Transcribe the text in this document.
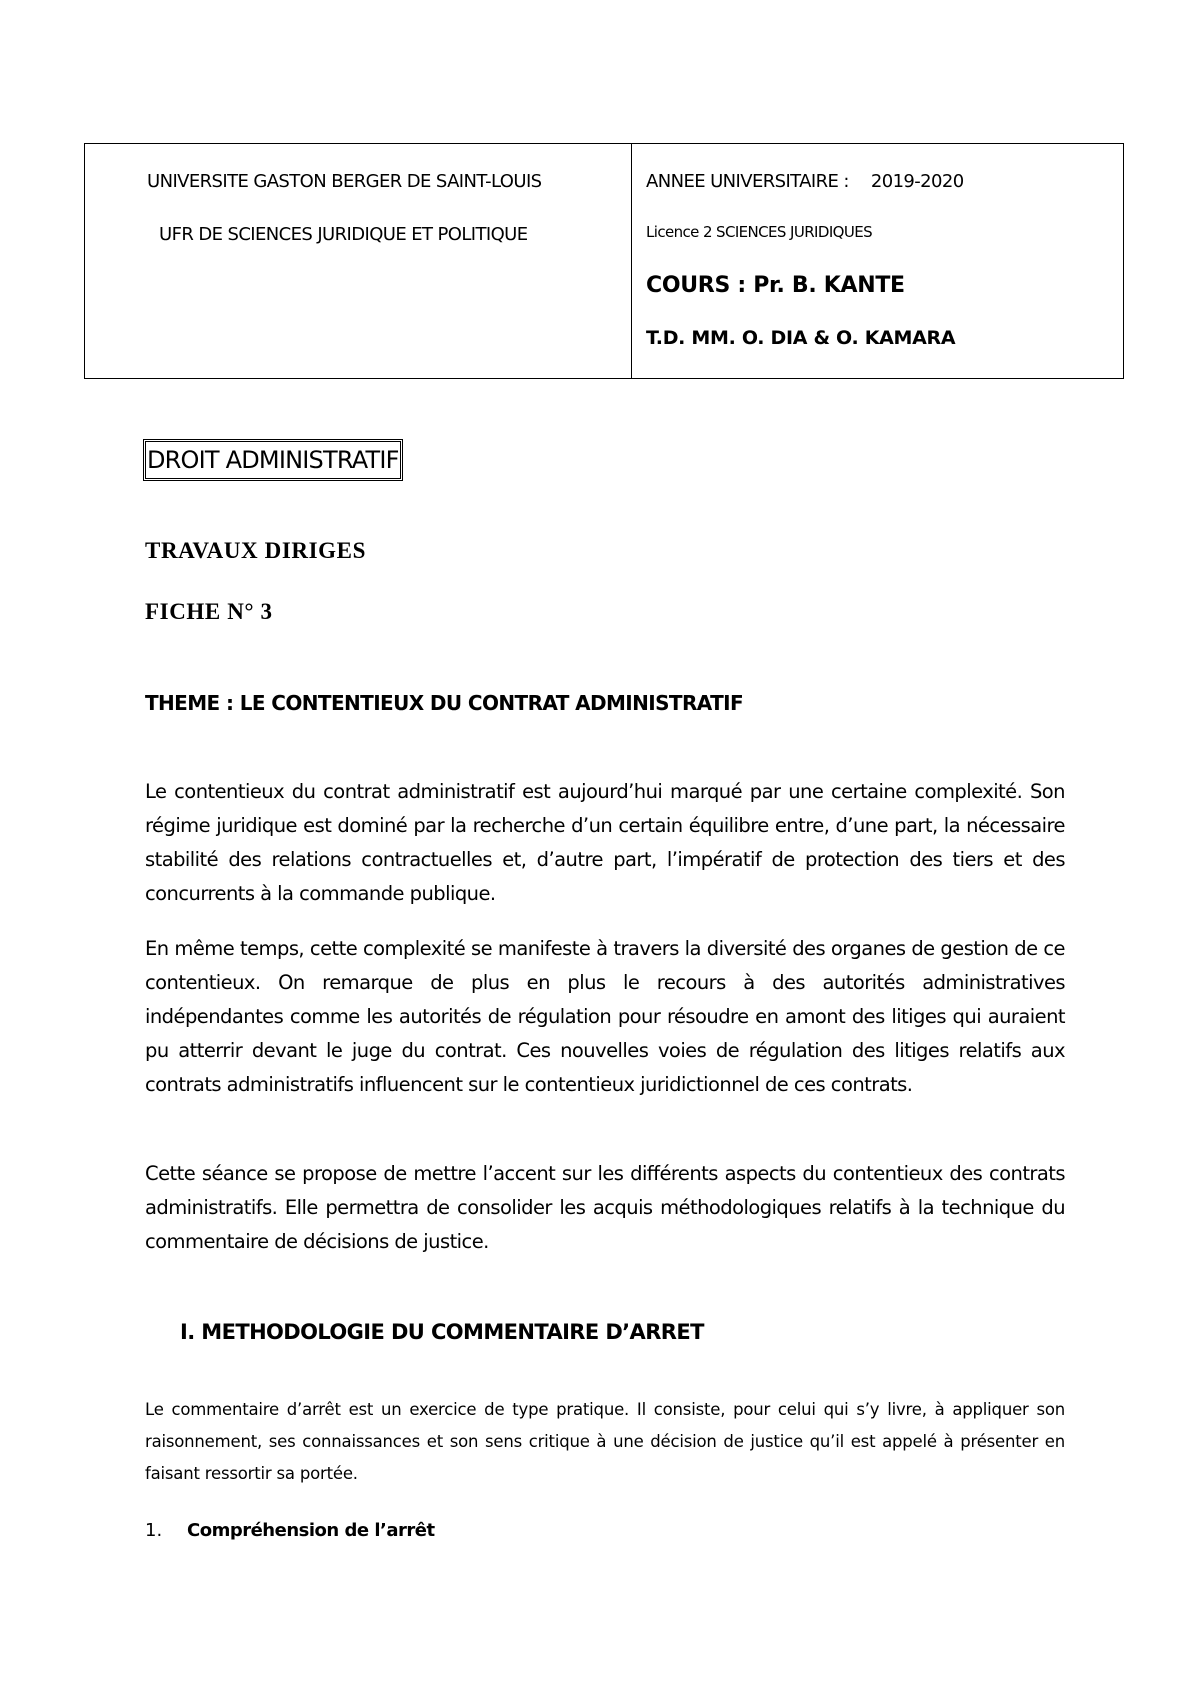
UNIVERSITE GASTON BERGER DE SAINT-LOUIS
UFR DE SCIENCES JURIDIQUE ET POLITIQUE
ANNEE UNIVERSITAIRE : 2019-2020
Licence 2 SCIENCES JURIDIQUES
COURS : Pr. B. KANTE
T.D. MM. O. DIA & O. KAMARA
DROIT ADMINISTRATIF
TRAVAUX DIRIGES
FICHE N° 3
THEME : LE CONTENTIEUX DU CONTRAT ADMINISTRATIF
Le contentieux du contrat administratif est aujourd’hui marqué par une certaine complexité. Son régime juridique est dominé par la recherche d’un certain équilibre entre, d’une part, la nécessaire stabilité des relations contractuelles et, d’autre part, l’impératif de protection des tiers et des concurrents à la commande publique.
En même temps, cette complexité se manifeste à travers la diversité des organes de gestion de ce contentieux. On remarque de plus en plus le recours à des autorités administratives indépendantes comme les autorités de régulation pour résoudre en amont des litiges qui auraient pu atterrir devant le juge du contrat. Ces nouvelles voies de régulation des litiges relatifs aux contrats administratifs influencent sur le contentieux juridictionnel de ces contrats.
Cette séance se propose de mettre l’accent sur les différents aspects du contentieux des contrats administratifs. Elle permettra de consolider les acquis méthodologiques relatifs à la technique du commentaire de décisions de justice.
I. METHODOLOGIE DU COMMENTAIRE D’ARRET
Le commentaire d’arrêt est un exercice de type pratique. Il consiste, pour celui qui s’y livre, à appliquer son raisonnement, ses connaissances et son sens critique à une décision de justice qu’il est appelé à présenter en faisant ressortir sa portée.
1. Compréhension de l’arrêt
